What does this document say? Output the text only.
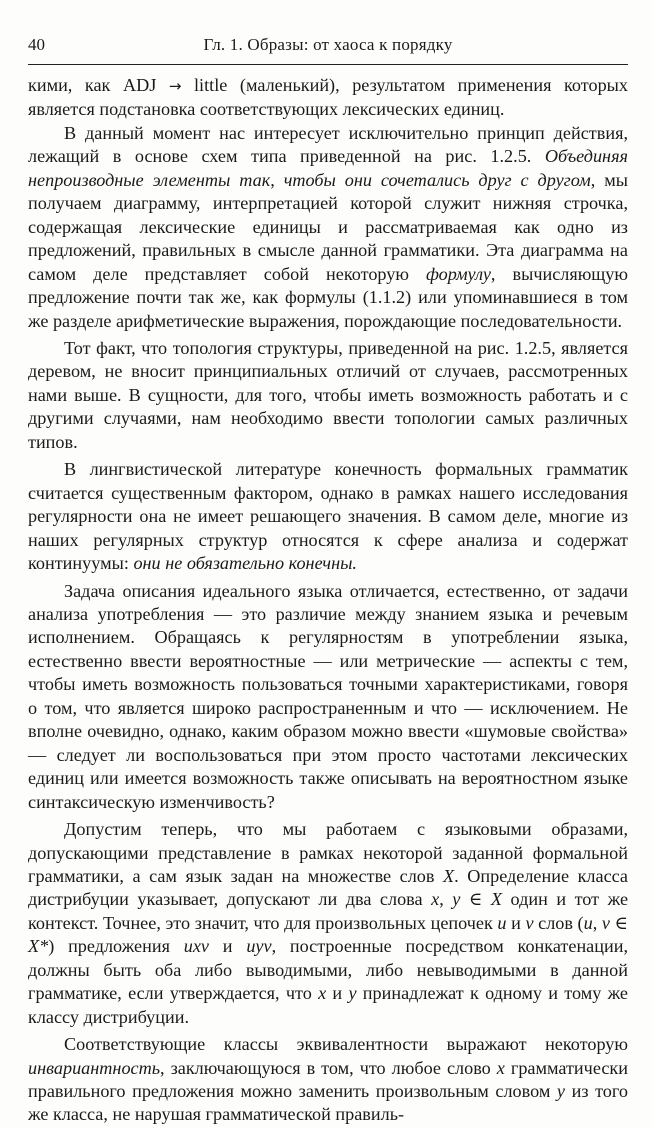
40	Гл. 1. Образы: от хаоса к порядку

кими, как ADJ → little (маленький), результатом применения которых является подстановка соответствующих лексических единиц.

В данный момент нас интересует исключительно принцип действия, лежащий в основе схем типа приведенной на рис. 1.2.5. Объединяя непроизводные элементы так, чтобы они сочетались друг с другом, мы получаем диаграмму, интерпретацией которой служит нижняя строчка, содержащая лексические единицы и рассматриваемая как одно из предложений, правильных в смысле данной грамматики. Эта диаграмма на самом деле представляет собой некоторую формулу, вычисляющую предложение почти так же, как формулы (1.1.2) или упоминавшиеся в том же разделе арифметические выражения, порождающие последовательности.

Тот факт, что топология структуры, приведенной на рис. 1.2.5, является деревом, не вносит принципиальных отличий от случаев, рассмотренных нами выше. В сущности, для того, чтобы иметь возможность работать и с другими случаями, нам необходимо ввести топологии самых различных типов.

В лингвистической литературе конечность формальных грамматик считается существенным фактором, однако в рамках нашего исследования регулярности она не имеет решающего значения. В самом деле, многие из наших регулярных структур относятся к сфере анализа и содержат континуумы: они не обязательно конечны.

Задача описания идеального языка отличается, естественно, от задачи анализа употребления — это различие между знанием языка и речевым исполнением. Обращаясь к регулярностям в употреблении языка, естественно ввести вероятностные — или метрические — аспекты с тем, чтобы иметь возможность пользоваться точными характеристиками, говоря о том, что является широко распространенным и что — исключением. Не вполне очевидно, однако, каким образом можно ввести «шумовые свойства» — следует ли воспользоваться при этом просто частотами лексических единиц или имеется возможность также описывать на вероятностном языке синтаксическую изменчивость?

Допустим теперь, что мы работаем с языковыми образами, допускающими представление в рамках некоторой заданной формальной грамматики, а сам язык задан на множестве слов X. Определение класса дистрибуции указывает, допускают ли два слова x, y ∈ X один и тот же контекст. Точнее, это значит, что для произвольных цепочек u и v слов (u, v ∈ X*) предложения uxv и uyv, построенные посредством конкатенации, должны быть оба либо выводимыми, либо невыводимыми в данной грамматике, если утверждается, что x и y принадлежат к одному и тому же классу дистрибуции.

Соответствующие классы эквивалентности выражают некоторую инвариантность, заключающуюся в том, что любое слово x грамматически правильного предложения можно заменить произвольным словом y из того же класса, не нарушая грамматической правиль-
